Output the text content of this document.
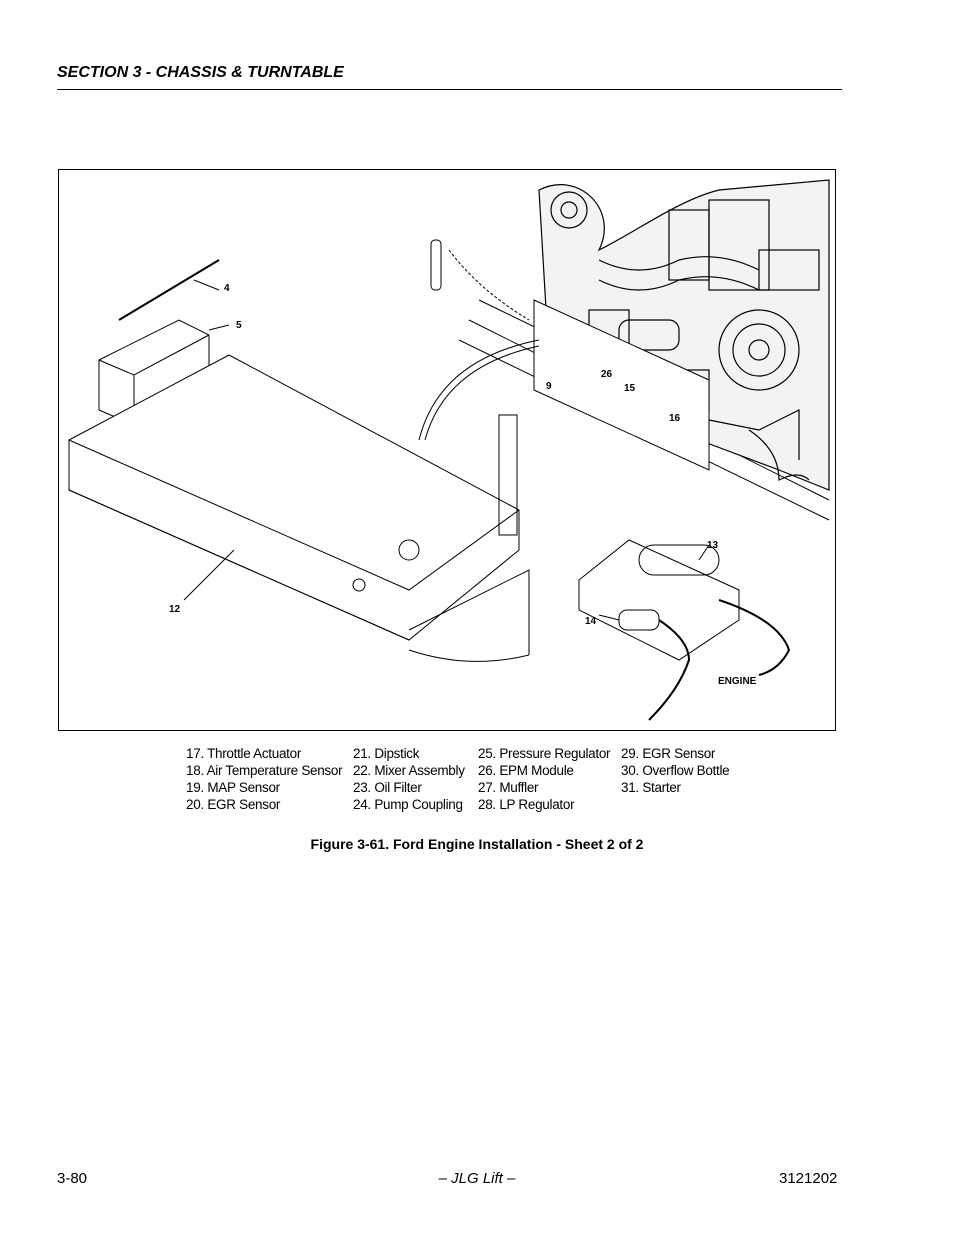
SECTION 3 - CHASSIS & TURNTABLE
4
5
9
26
15
16
13
14
12
ENGINE
17. Throttle Actuator
18. Air Temperature Sensor
19. MAP Sensor
20. EGR Sensor
21. Dipstick
22. Mixer Assembly
23. Oil Filter
24. Pump Coupling
25. Pressure Regulator
26. EPM Module
27. Muffler
28. LP Regulator
29. EGR Sensor
30. Overflow Bottle
31. Starter
Figure 3-61. Ford Engine Installation - Sheet 2 of 2
3-80	– JLG Lift –	3121202
